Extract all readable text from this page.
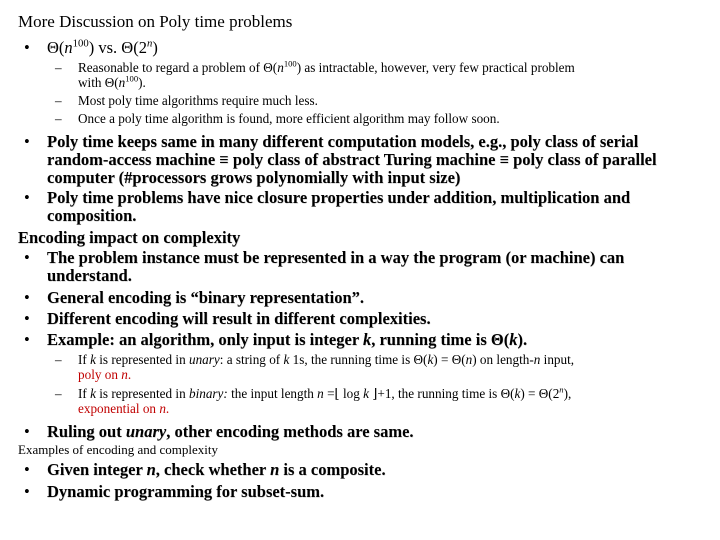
More Discussion on Poly time problems
• $\Theta(n^{100})$ vs. Θ(2$^n$)
– Reasonable to regard a problem of $\Theta(n^{100})$ as intractable, however, very few practical problem
with $\Theta(n^{100})$.
– Most poly time algorithms require much less.
– Once a poly time algorithm is found, more efficient algorithm may follow soon.
• Poly time keeps same in many different computation models, e.g., poly class of serial
random-access machine ≡ poly class of abstract Turing machine ≡ poly class of parallel
computer (#processors grows polynomially with input size)
• Poly time problems have nice closure properties under addition, multiplication and
composition.
Encoding impact on complexity
• The problem instance must be represented in a way the program (or machine) can
understand.
• General encoding is “binary representation”.
• Different encoding will result in different complexities.
• Example: an algorithm, only input is integer k, running time is Θ(k).
– If k is represented in unary: a string of k 1s, the running time is Θ(k) = Θ(n) on length-n input,
poly on n.
– If k is represented in binary: the input length n =⌊ log k ⌋+1, the running time is $\Theta(k) = \Theta(2^n)$,
exponential on n.
• Ruling out unary, other encoding methods are same.
Examples of encoding and complexity
• Given integer n, check whether n is a composite.
• Dynamic programming for subset-sum.
